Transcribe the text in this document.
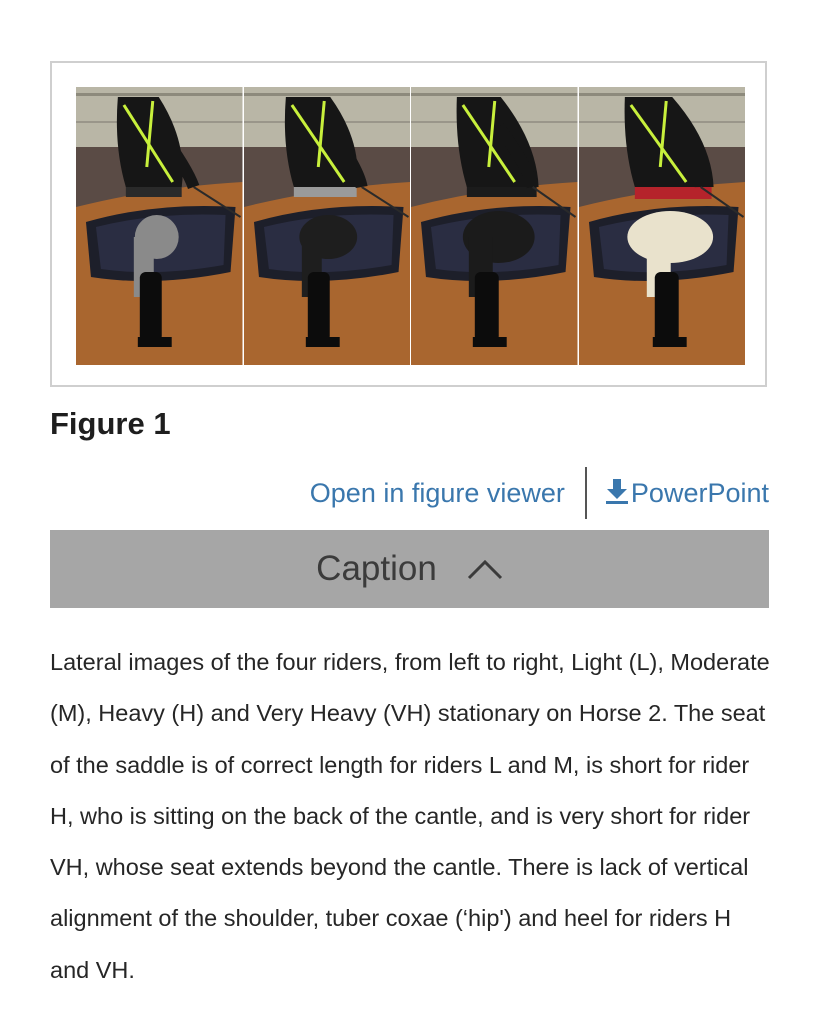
Figure 1
Open in figure viewer	PowerPoint
Caption

Lateral images of the four riders, from left to right, Light (L), Moderate (M), Heavy (H) and Very Heavy (VH) stationary on Horse 2. The seat of the saddle is of correct length for riders L and M, is short for rider H, who is sitting on the back of the cantle, and is very short for rider VH, whose seat extends beyond the cantle. There is lack of vertical alignment of the shoulder, tuber coxae (‘hip') and heel for riders H and VH.
